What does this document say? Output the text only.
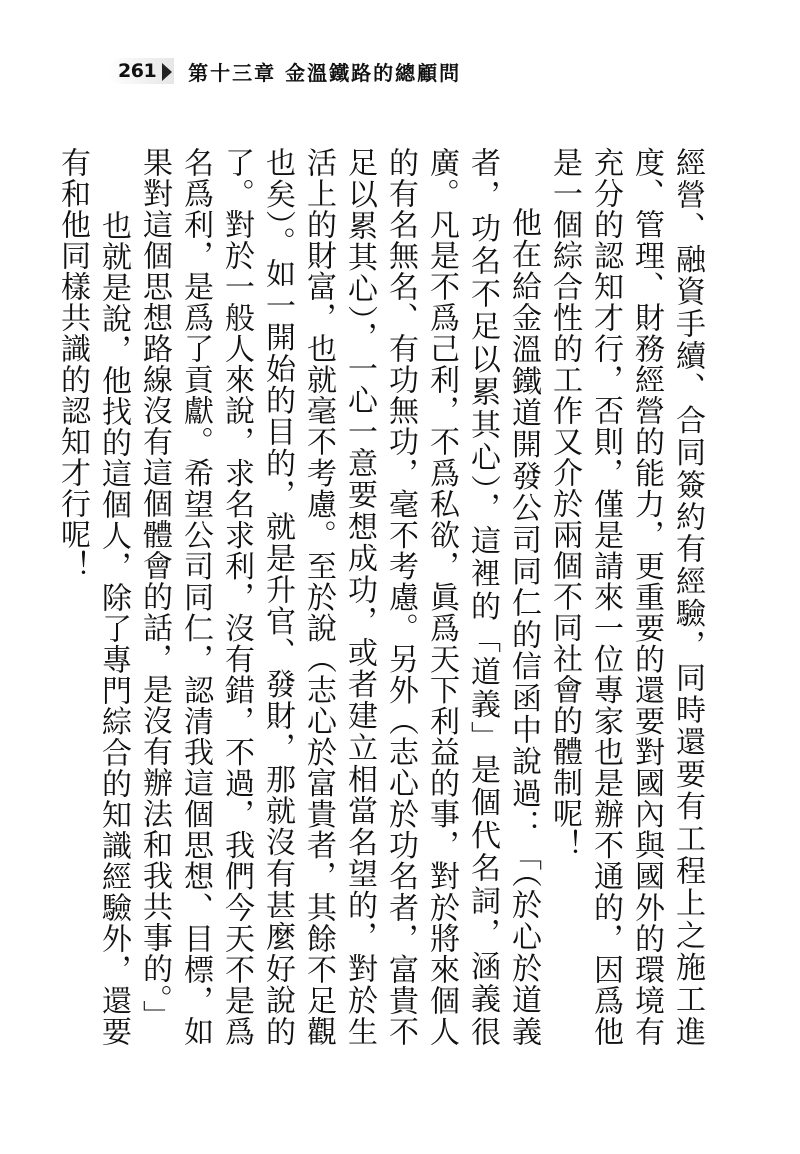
261	第十三章 金溫鐵路的總顧問

經營、融資手續、合同簽約有經驗，同時還要有工程上之施工進度、管理、財務經營的能力，更重要的還要對國內與國外的環境有充分的認知才行，否則，僅是請來一位專家也是辦不通的，因爲他是一個綜合性的工作又介於兩個不同社會的體制呢！

他在給金溫鐵道開發公司同仁的信函中說過：「（於心於道義者，功名不足以累其心），這裡的「道義」是個代名詞，涵義很廣。凡是不爲己利，不爲私欲，眞爲天下利益的事，對於將來個人的有名無名、有功無功，毫不考慮。另外（志心於功名者，富貴不足以累其心），一心一意要想成功，或者建立相當名望的，對於生活上的財富，也就毫不考慮。至於說（志心於富貴者，其餘不足觀也矣）。如一開始的目的，就是升官、發財，那就沒有甚麼好說的了。對於一般人來說，求名求利，沒有錯，不過，我們今天不是爲名爲利，是爲了貢獻。希望公司同仁，認清我這個思想、目標，如果對這個思想路線沒有這個體會的話，是沒有辦法和我共事的。」

也就是說，他找的這個人，除了專門綜合的知識經驗外，還要有和他同樣共識的認知才行呢！
